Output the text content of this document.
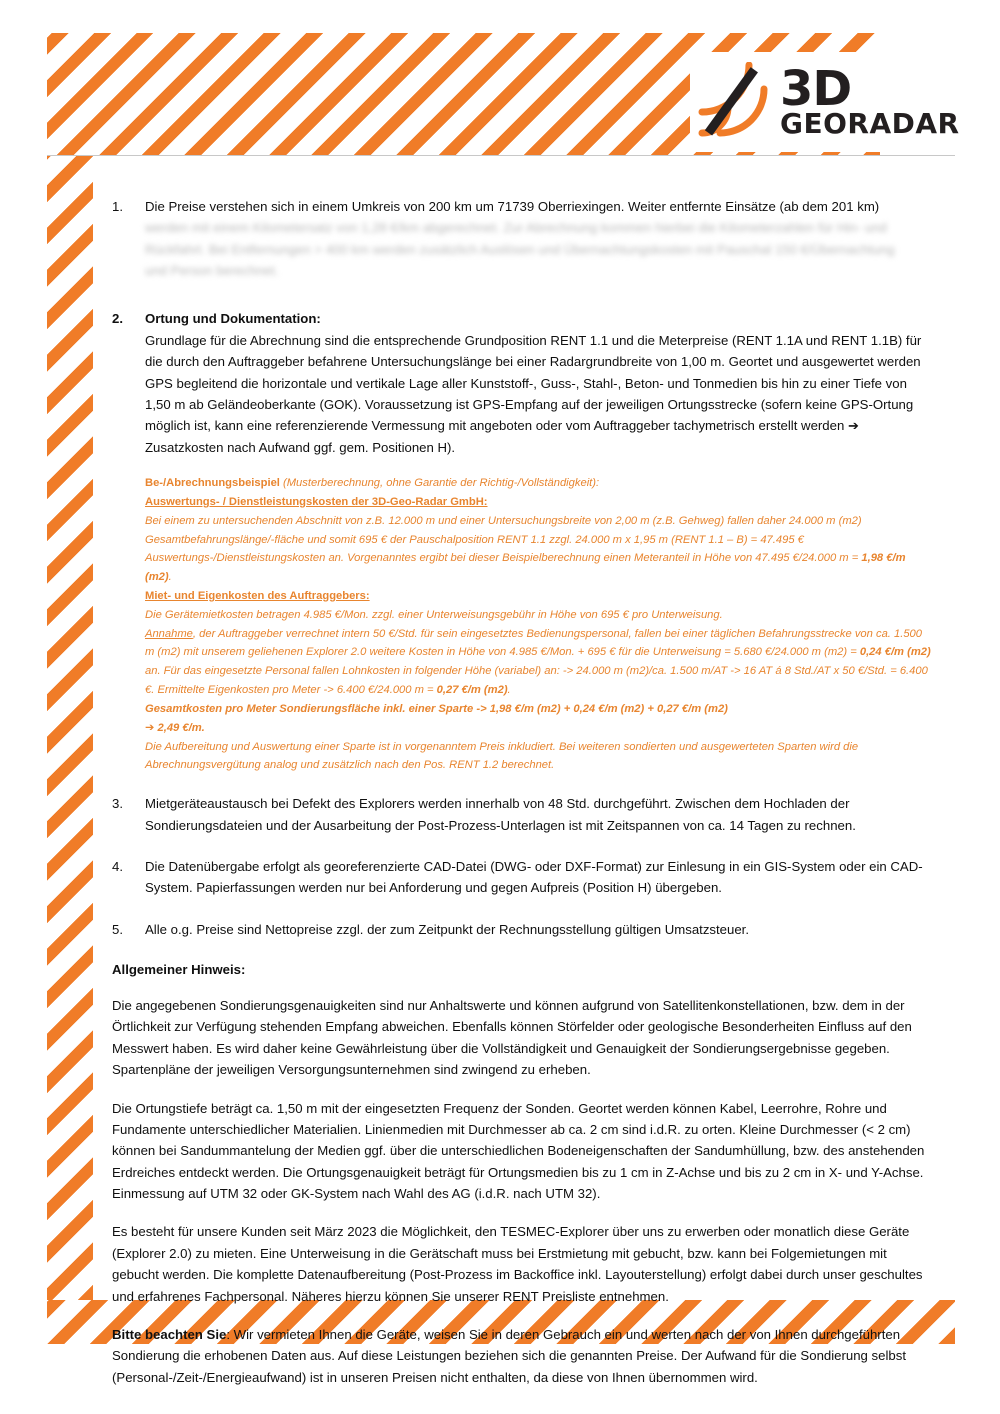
3D
GEORADAR
1.	Die Preise verstehen sich in einem Umkreis von 200 km um 71739 Oberriexingen. Weiter entfernte Einsätze (ab dem 201 km)
werden mit einem Kilometersatz von 1,28 €/km abgerechnet. Zur Abrechnung kommen hierbei die Kilometerzahlen für Hin- und
Rückfahrt. Bei Entfernungen > 400 km werden zusätzlich Auslösen und Übernachtungskosten mit Pauschal 150 €/Übernachtung
und Person berechnet.
2.	Ortung und Dokumentation:
Grundlage für die Abrechnung sind die entsprechende Grundposition RENT 1.1 und die Meterpreise (RENT 1.1A und RENT 1.1B) für die durch den Auftraggeber befahrene Untersuchungslänge bei einer Radargrundbreite von 1,00 m. Geortet und ausgewertet werden GPS begleitend die horizontale und vertikale Lage aller Kunststoff-, Guss-, Stahl-, Beton- und Tonmedien bis hin zu einer Tiefe von 1,50 m ab Geländeoberkante (GOK). Voraussetzung ist GPS-Empfang auf der jeweiligen Ortungsstrecke (sofern keine GPS-Ortung möglich ist, kann eine referenzierende Vermessung mit angeboten oder vom Auftraggeber tachymetrisch erstellt werden ➔ Zusatzkosten nach Aufwand ggf. gem. Positionen H).

Be-/Abrechnungsbeispiel (Musterberechnung, ohne Garantie der Richtig-/Vollständigkeit):

Auswertungs- / Dienstleistungskosten der 3D-Geo-Radar GmbH:

Bei einem zu untersuchenden Abschnitt von z.B. 12.000 m und einer Untersuchungsbreite von 2,00 m (z.B. Gehweg) fallen daher 24.000 m (m2) Gesamtbefahrungslänge/-fläche und somit 695 € der Pauschalposition RENT 1.1 zzgl. 24.000 m x 1,95 m (RENT 1.1 – B) = 47.495 € Auswertungs-/Dienstleistungskosten an. Vorgenanntes ergibt bei dieser Beispielberechnung einen Meteranteil in Höhe von 47.495 €/24.000 m = 1,98 €/m (m2).

Miet- und Eigenkosten des Auftraggebers:

Die Gerätemietkosten betragen 4.985 €/Mon. zzgl. einer Unterweisungsgebühr in Höhe von 695 € pro Unterweisung.

Annahme, der Auftraggeber verrechnet intern 50 €/Std. für sein eingesetztes Bedienungspersonal, fallen bei einer täglichen Befahrungsstrecke von ca. 1.500 m (m2) mit unserem geliehenen Explorer 2.0 weitere Kosten in Höhe von 4.985 €/Mon. + 695 € für die Unterweisung = 5.680 €/24.000 m (m2) = 0,24 €/m (m2) an. Für das eingesetzte Personal fallen Lohnkosten in folgender Höhe (variabel) an: -> 24.000 m (m2)/ca. 1.500 m/AT -> 16 AT á 8 Std./AT x 50 €/Std. = 6.400 €. Ermittelte Eigenkosten pro Meter -> 6.400 €/24.000 m = 0,27 €/m (m2).

Gesamtkosten pro Meter Sondierungsfläche inkl. einer Sparte -> 1,98 €/m (m2) + 0,24 €/m (m2) + 0,27 €/m (m2)

➔ 2,49 €/m.

Die Aufbereitung und Auswertung einer Sparte ist in vorgenanntem Preis inkludiert. Bei weiteren sondierten und ausgewerteten Sparten wird die Abrechnungsvergütung analog und zusätzlich nach den Pos. RENT 1.2 berechnet.

3.	Mietgeräteaustausch bei Defekt des Explorers werden innerhalb von 48 Std. durchgeführt. Zwischen dem Hochladen der Sondierungsdateien und der Ausarbeitung der Post-Prozess-Unterlagen ist mit Zeitspannen von ca. 14 Tagen zu rechnen.
4.	Die Datenübergabe erfolgt als georeferenzierte CAD-Datei (DWG- oder DXF-Format) zur Einlesung in ein GIS-System oder ein CAD-System. Papierfassungen werden nur bei Anforderung und gegen Aufpreis (Position H) übergeben.
5.	Alle o.g. Preise sind Nettopreise zzgl. der zum Zeitpunkt der Rechnungsstellung gültigen Umsatzsteuer.
Allgemeiner Hinweis:

Die angegebenen Sondierungsgenauigkeiten sind nur Anhaltswerte und können aufgrund von Satellitenkonstellationen, bzw. dem in der Örtlichkeit zur Verfügung stehenden Empfang abweichen. Ebenfalls können Störfelder oder geologische Besonderheiten Einfluss auf den Messwert haben. Es wird daher keine Gewährleistung über die Vollständigkeit und Genauigkeit der Sondierungsergebnisse gegeben. Spartenpläne der jeweiligen Versorgungsunternehmen sind zwingend zu erheben.

Die Ortungstiefe beträgt ca. 1,50 m mit der eingesetzten Frequenz der Sonden. Geortet werden können Kabel, Leerrohre, Rohre und Fundamente unterschiedlicher Materialien. Linienmedien mit Durchmesser ab ca. 2 cm sind i.d.R. zu orten. Kleine Durchmesser (< 2 cm) können bei Sandummantelung der Medien ggf. über die unterschiedlichen Bodeneigenschaften der Sandumhüllung, bzw. des anstehenden Erdreiches entdeckt werden. Die Ortungsgenauigkeit beträgt für Ortungsmedien bis zu 1 cm in Z-Achse und bis zu 2 cm in X- und Y-Achse. Einmessung auf UTM 32 oder GK-System nach Wahl des AG (i.d.R. nach UTM 32).

Es besteht für unsere Kunden seit März 2023 die Möglichkeit, den TESMEC-Explorer über uns zu erwerben oder monatlich diese Geräte (Explorer 2.0) zu mieten. Eine Unterweisung in die Gerätschaft muss bei Erstmietung mit gebucht, bzw. kann bei Folgemietungen mit gebucht werden. Die komplette Datenaufbereitung (Post-Prozess im Backoffice inkl. Layouterstellung) erfolgt dabei durch unser geschultes und erfahrenes Fachpersonal. Näheres hierzu können Sie unserer RENT Preisliste entnehmen.

Bitte beachten Sie: Wir vermieten Ihnen die Geräte, weisen Sie in deren Gebrauch ein und werten nach der von Ihnen durchgeführten Sondierung die erhobenen Daten aus. Auf diese Leistungen beziehen sich die genannten Preise. Der Aufwand für die Sondierung selbst (Personal-/Zeit-/Energieaufwand) ist in unseren Preisen nicht enthalten, da diese von Ihnen übernommen wird.
